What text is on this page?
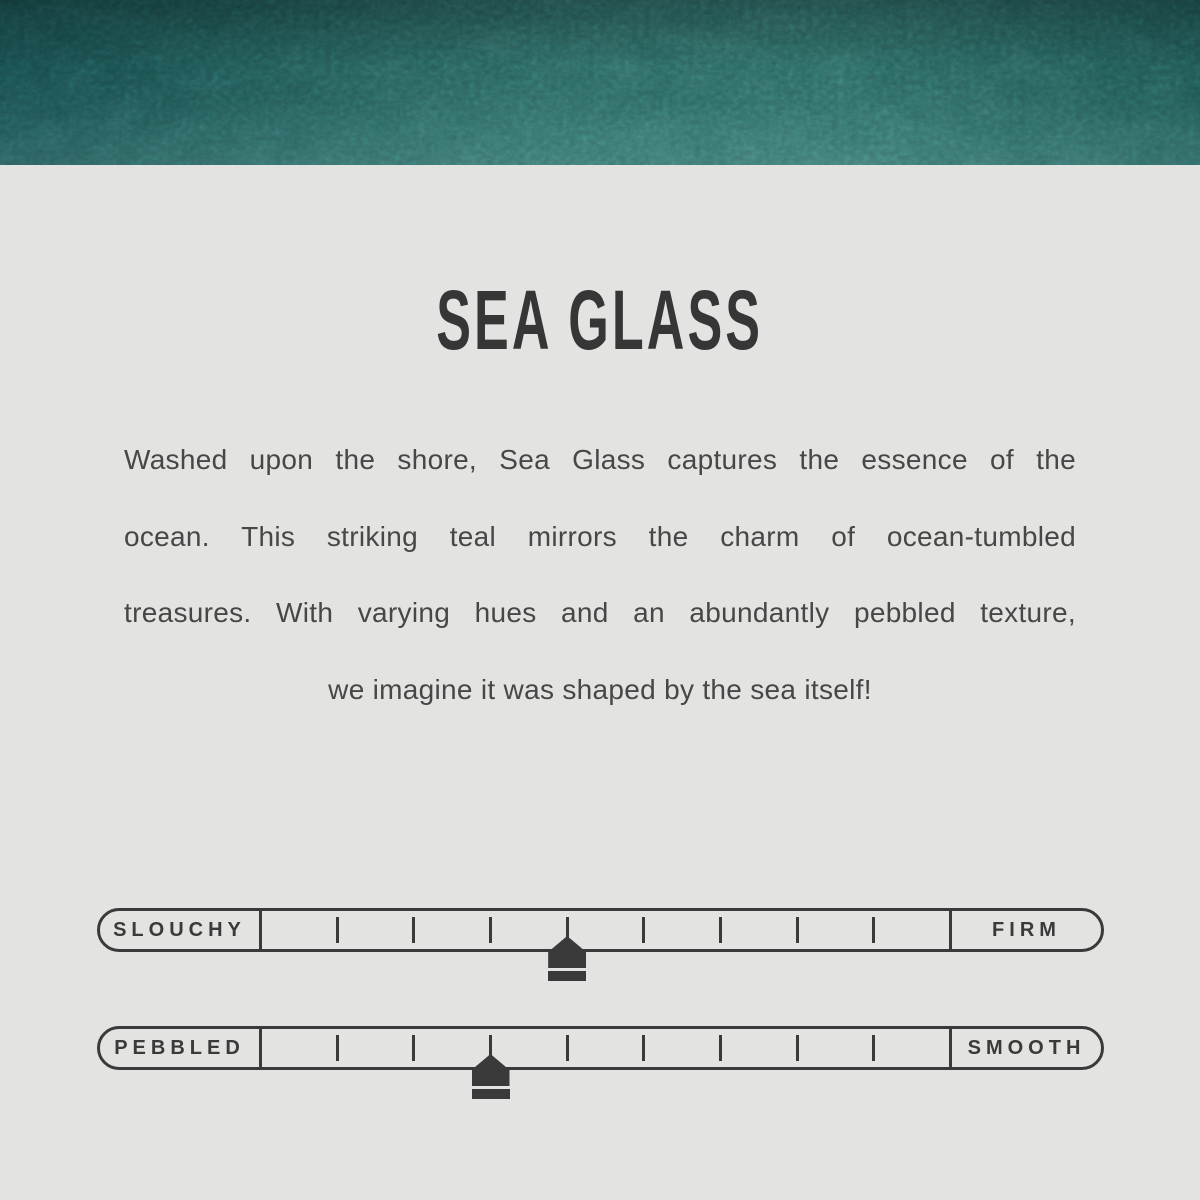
SEA GLASS
Washed upon the shore, Sea Glass captures the essence of the
ocean. This striking teal mirrors the charm of ocean-tumbled
treasures. With varying hues and an abundantly pebbled texture,
we imagine it was shaped by the sea itself!
SLOUCHY	FIRM
PEBBLED	SMOOTH
